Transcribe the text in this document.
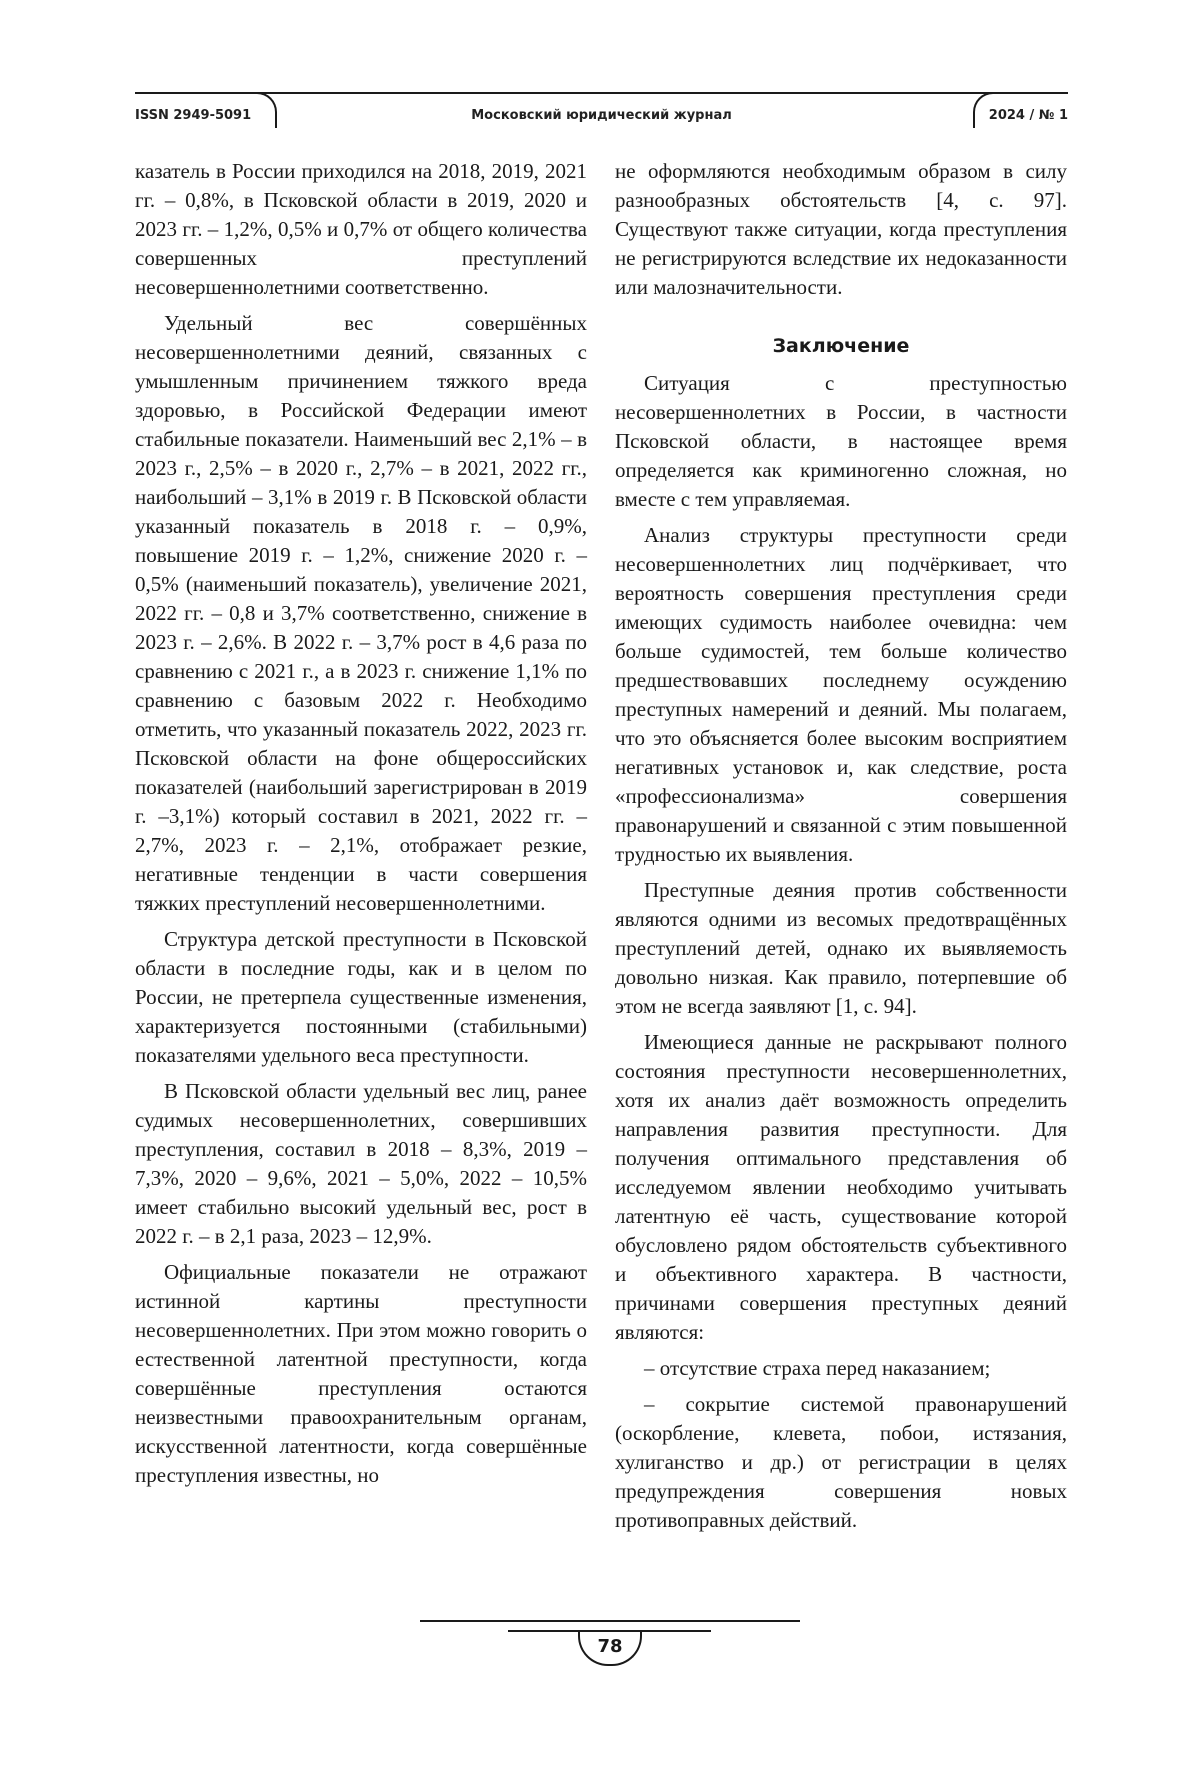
ISSN 2949-5091	Московский юридический журнал	2024 / № 1

казатель в России приходился на 2018, 2019, 2021 гг. – 0,8%, в Псковской области в 2019, 2020 и 2023 гг. – 1,2%, 0,5% и 0,7% от общего количества совершенных преступлений несовершеннолетними соответственно.

Удельный вес совершённых несовершеннолетними деяний, связанных с умышленным причинением тяжкого вреда здоровью, в Российской Федерации имеют стабильные показатели. Наименьший вес 2,1% – в 2023 г., 2,5% – в 2020 г., 2,7% – в 2021, 2022 гг., наибольший – 3,1% в 2019 г. В Псковской области указанный показатель в 2018 г. – 0,9%, повышение 2019 г. – 1,2%, снижение 2020 г. – 0,5% (наименьший показатель), увеличение 2021, 2022 гг. – 0,8 и 3,7% соответственно, снижение в 2023 г. – 2,6%. В 2022 г. – 3,7% рост в 4,6 раза по сравнению с 2021 г., а в 2023 г. снижение 1,1% по сравнению с базовым 2022 г. Необходимо отметить, что указанный показатель 2022, 2023 гг. Псковской области на фоне общероссийских показателей (наибольший зарегистрирован в 2019 г. –3,1%) который составил в 2021, 2022 гг. – 2,7%, 2023 г. – 2,1%, отображает резкие, негативные тенденции в части совершения тяжких преступлений несовершеннолетними.

Структура детской преступности в Псковской области в последние годы, как и в целом по России, не претерпела существенные изменения, характеризуется постоянными (стабильными) показателями удельного веса преступности.

В Псковской области удельный вес лиц, ранее судимых несовершеннолетних, совершивших преступления, составил в 2018 – 8,3%, 2019 – 7,3%, 2020 – 9,6%, 2021 – 5,0%, 2022 – 10,5% имеет стабильно высокий удельный вес, рост в 2022 г. – в 2,1 раза, 2023 – 12,9%.

Официальные показатели не отражают истинной картины преступности несовершеннолетних. При этом можно говорить о естественной латентной преступности, когда совершённые преступления остаются неизвестными правоохранительным органам, искусственной латентности, когда совершённые преступления известны, но

не оформляются необходимым образом в силу разнообразных обстоятельств [4, с. 97]. Существуют также ситуации, когда преступления не регистрируются вследствие их недоказанности или малозначительности.

Заключение

Ситуация с преступностью несовершеннолетних в России, в частности Псковской области, в настоящее время определяется как криминогенно сложная, но вместе с тем управляемая.

Анализ структуры преступности среди несовершеннолетних лиц подчёркивает, что вероятность совершения преступления среди имеющих судимость наиболее очевидна: чем больше судимостей, тем больше количество предшествовавших последнему осуждению преступных намерений и деяний. Мы полагаем, что это объясняется более высоким восприятием негативных установок и, как следствие, роста «профессионализма» совершения правонарушений и связанной с этим повышенной трудностью их выявления.

Преступные деяния против собственности являются одними из весомых предотвращённых преступлений детей, однако их выявляемость довольно низкая. Как правило, потерпевшие об этом не всегда заявляют [1, с. 94].

Имеющиеся данные не раскрывают полного состояния преступности несовершеннолетних, хотя их анализ даёт возможность определить направления развития преступности. Для получения оптимального представления об исследуемом явлении необходимо учитывать латентную её часть, существование которой обусловлено рядом обстоятельств субъективного и объективного характера. В частности, причинами совершения преступных деяний являются:

– отсутствие страха перед наказанием;

– сокрытие системой правонарушений (оскорбление, клевета, побои, истязания, хулиганство и др.) от регистрации в целях предупреждения совершения новых противоправных действий.

78
